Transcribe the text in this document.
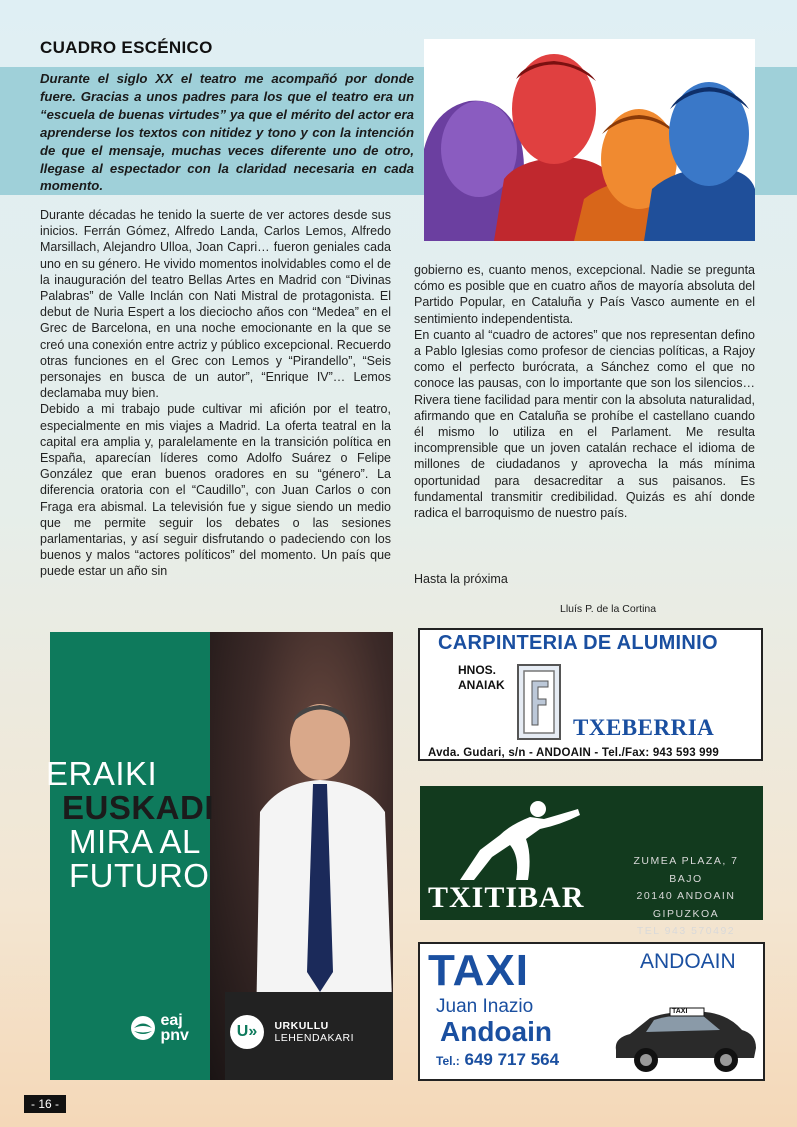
CUADRO ESCÉNICO
Durante el siglo XX el teatro me acompañó por donde fuere. Gracias a unos padres para los que el teatro era un “escuela de buenas virtudes” ya que el mérito del actor era aprenderse los textos con nitidez y tono y con la intención de que el mensaje, muchas veces diferente uno de otro, llegase al espectador con la claridad necesaria en cada momento.

Durante décadas he tenido la suerte de ver actores desde sus inicios. Ferrán Gómez, Alfredo Landa, Carlos Lemos, Alfredo Marsillach, Alejandro Ulloa, Joan Capri… fueron geniales cada uno en su género. He vivido momentos inolvidables como el de la inauguración del teatro Bellas Artes en Madrid con “Divinas Palabras” de Valle Inclán con Nati Mistral de protagonista. El debut de Nuria Espert a los dieciocho años con “Medea” en el Grec de Barcelona, en una noche emocionante en la que se creó una conexión entre actriz y público excepcional. Recuerdo otras funciones en el Grec con Lemos y “Pirandello”, “Seis personajes en busca de un autor”, “Enrique IV”… Lemos declamaba muy bien.

Debido a mi trabajo pude cultivar mi afición por el teatro, especialmente en mis viajes a Madrid. La oferta teatral en la capital era amplia y, paralelamente en la transición política en España, aparecían líderes como Adolfo Suárez o Felipe González que eran buenos oradores en su “género”. La diferencia oratoria con el “Caudillo”, con Juan Carlos o con Fraga era abismal. La televisión fue y sigue siendo un medio que me permite seguir los debates o las sesiones parlamentarias, y así seguir disfrutando o padeciendo con los buenos y malos “actores políticos” del momento. Un país que puede estar un año sin

gobierno es, cuanto menos, excepcional. Nadie se pregunta cómo es posible que en cuatro años de mayoría absoluta del Partido Popular, en Cataluña y País Vasco aumente en el sentimiento independentista.

En cuanto al “cuadro de actores” que nos representan defino a Pablo Iglesias como profesor de ciencias políticas, a Rajoy como el perfecto burócrata, a Sánchez como el que no conoce las pausas, con lo importante que son los silencios… Rivera tiene facilidad para mentir con la absoluta naturalidad, afirmando que en Cataluña se prohíbe el castellano cuando él mismo lo utiliza en el Parlament. Me resulta incomprensible que un joven catalán rechace el idioma de millones de ciudadanos y aprovecha la más mínima oportunidad para desacreditar a sus paisanos. Es fundamental transmitir credibilidad. Quizás es ahí donde radica el barroquismo de nuestro país.

Hasta la próxima
Lluís P. de la Cortina
ERAIKI
EUSKADI
MIRA AL
FUTURO
eaj
pnv	U» URKULLU
LEHENDAKARI
CARPINTERIA DE ALUMINIO
HNOS.
ANAIAK
TXEBERRIA
Avda. Gudari, s/n - ANDOAIN - Tel./Fax: 943 593 999
TXITIBAR
ZUMEA PLAZA, 7 BAJO
20140 ANDOAIN
GIPUZKOA
TEL 943 570492
TAXI	ANDOAIN
Juan Inazio
Andoain
Tel.: 649 717 564
TAXI
- 16 -
